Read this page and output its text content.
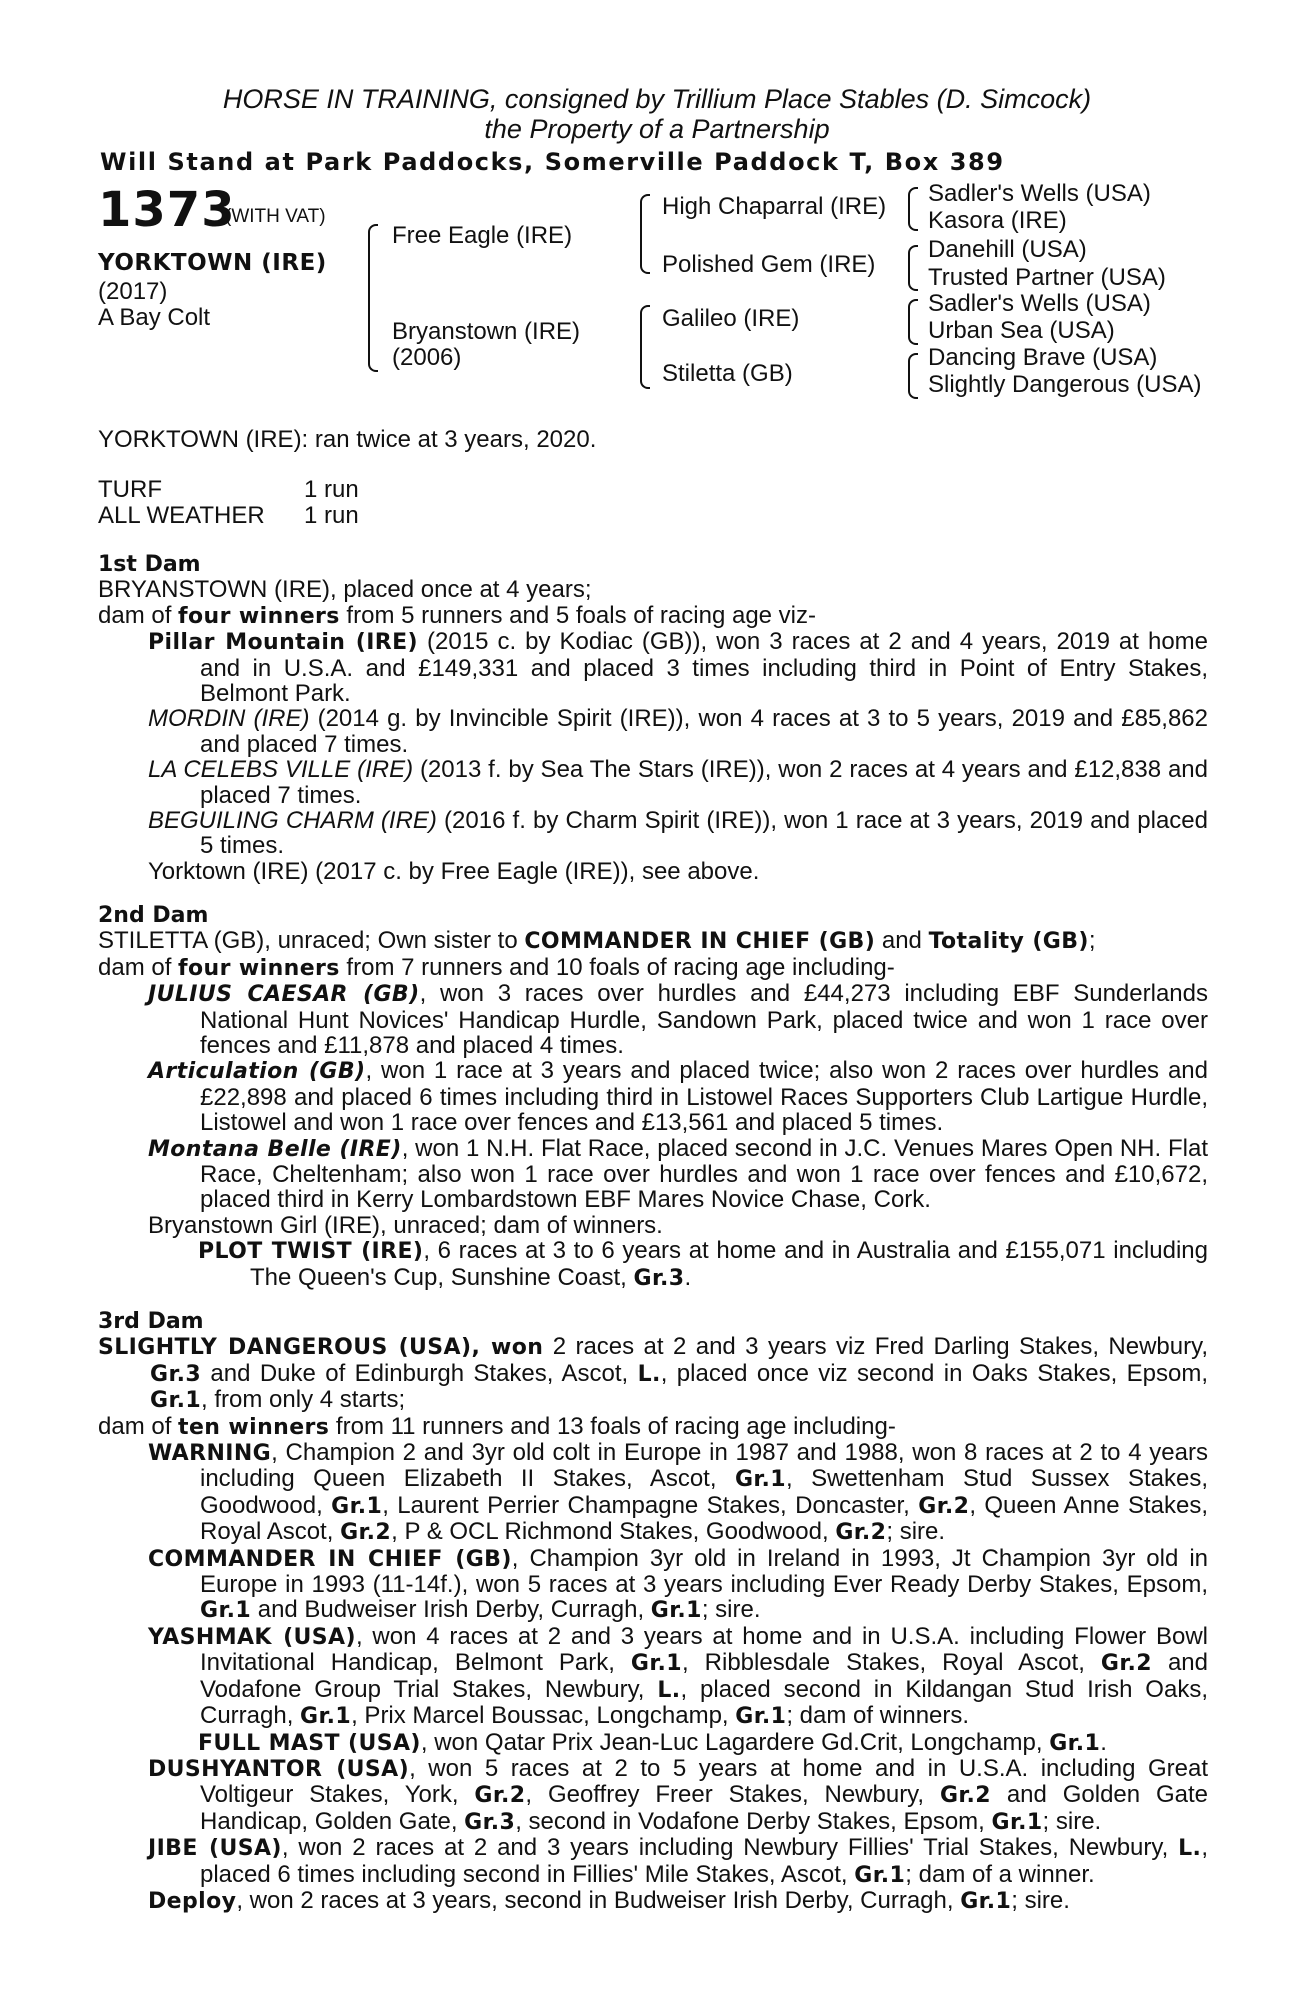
HORSE IN TRAINING, consigned by Trillium Place Stables (D. Simcock)
the Property of a Partnership
Will Stand at Park Paddocks, Somerville Paddock T, Box 389
1373
(WITH VAT)
YORKTOWN (IRE)
(2017)
A Bay Colt
Free Eagle (IRE)
Bryanstown (IRE)
(2006)
High Chaparral (IRE)
Polished Gem (IRE)
Galileo (IRE)
Stiletta (GB)
Sadler's Wells (USA)
Kasora (IRE)
Danehill (USA)
Trusted Partner (USA)
Sadler's Wells (USA)
Urban Sea (USA)
Dancing Brave (USA)
Slightly Dangerous (USA)
YORKTOWN (IRE): ran twice at 3 years, 2020.
TURF	1 run
ALL WEATHER 1 run

1st Dam

BRYANSTOWN (IRE), placed once at 4 years;

dam of four winners from 5 runners and 5 foals of racing age viz-

Pillar Mountain (IRE) (2015 c. by Kodiac (GB)), won 3 races at 2 and 4 years, 2019 at home and in U.S.A. and £149,331 and placed 3 times including third in Point of Entry Stakes, Belmont Park.

MORDIN (IRE) (2014 g. by Invincible Spirit (IRE)), won 4 races at 3 to 5 years, 2019 and £85,862 and placed 7 times.

LA CELEBS VILLE (IRE) (2013 f. by Sea The Stars (IRE)), won 2 races at 4 years and £12,838 and placed 7 times.

BEGUILING CHARM (IRE) (2016 f. by Charm Spirit (IRE)), won 1 race at 3 years, 2019 and placed 5 times.

Yorktown (IRE) (2017 c. by Free Eagle (IRE)), see above.

2nd Dam

STILETTA (GB), unraced; Own sister to COMMANDER IN CHIEF (GB) and Totality (GB);

dam of four winners from 7 runners and 10 foals of racing age including-

JULIUS CAESAR (GB), won 3 races over hurdles and £44,273 including EBF Sunderlands National Hunt Novices' Handicap Hurdle, Sandown Park, placed twice and won 1 race over fences and £11,878 and placed 4 times.

Articulation (GB), won 1 race at 3 years and placed twice; also won 2 races over hurdles and £22,898 and placed 6 times including third in Listowel Races Supporters Club Lartigue Hurdle, Listowel and won 1 race over fences and £13,561 and placed 5 times.

Montana Belle (IRE), won 1 N.H. Flat Race, placed second in J.C. Venues Mares Open NH. Flat Race, Cheltenham; also won 1 race over hurdles and won 1 race over fences and £10,672, placed third in Kerry Lombardstown EBF Mares Novice Chase, Cork.

Bryanstown Girl (IRE), unraced; dam of winners.

PLOT TWIST (IRE), 6 races at 3 to 6 years at home and in Australia and £155,071 including The Queen's Cup, Sunshine Coast, Gr.3.

3rd Dam

SLIGHTLY DANGEROUS (USA), won 2 races at 2 and 3 years viz Fred Darling Stakes, Newbury, Gr.3 and Duke of Edinburgh Stakes, Ascot, L., placed once viz second in Oaks Stakes, Epsom, Gr.1, from only 4 starts;

dam of ten winners from 11 runners and 13 foals of racing age including-

WARNING, Champion 2 and 3yr old colt in Europe in 1987 and 1988, won 8 races at 2 to 4 years including Queen Elizabeth II Stakes, Ascot, Gr.1, Swettenham Stud Sussex Stakes, Goodwood, Gr.1, Laurent Perrier Champagne Stakes, Doncaster, Gr.2, Queen Anne Stakes, Royal Ascot, Gr.2, P & OCL Richmond Stakes, Goodwood, Gr.2; sire.

COMMANDER IN CHIEF (GB), Champion 3yr old in Ireland in 1993, Jt Champion 3yr old in Europe in 1993 (11-14f.), won 5 races at 3 years including Ever Ready Derby Stakes, Epsom, Gr.1 and Budweiser Irish Derby, Curragh, Gr.1; sire.

YASHMAK (USA), won 4 races at 2 and 3 years at home and in U.S.A. including Flower Bowl Invitational Handicap, Belmont Park, Gr.1, Ribblesdale Stakes, Royal Ascot, Gr.2 and Vodafone Group Trial Stakes, Newbury, L., placed second in Kildangan Stud Irish Oaks, Curragh, Gr.1, Prix Marcel Boussac, Longchamp, Gr.1; dam of winners.

FULL MAST (USA), won Qatar Prix Jean-Luc Lagardere Gd.Crit, Longchamp, Gr.1.

DUSHYANTOR (USA), won 5 races at 2 to 5 years at home and in U.S.A. including Great Voltigeur Stakes, York, Gr.2, Geoffrey Freer Stakes, Newbury, Gr.2 and Golden Gate Handicap, Golden Gate, Gr.3, second in Vodafone Derby Stakes, Epsom, Gr.1; sire.

JIBE (USA), won 2 races at 2 and 3 years including Newbury Fillies' Trial Stakes, Newbury, L., placed 6 times including second in Fillies' Mile Stakes, Ascot, Gr.1; dam of a winner.

Deploy, won 2 races at 3 years, second in Budweiser Irish Derby, Curragh, Gr.1; sire.
